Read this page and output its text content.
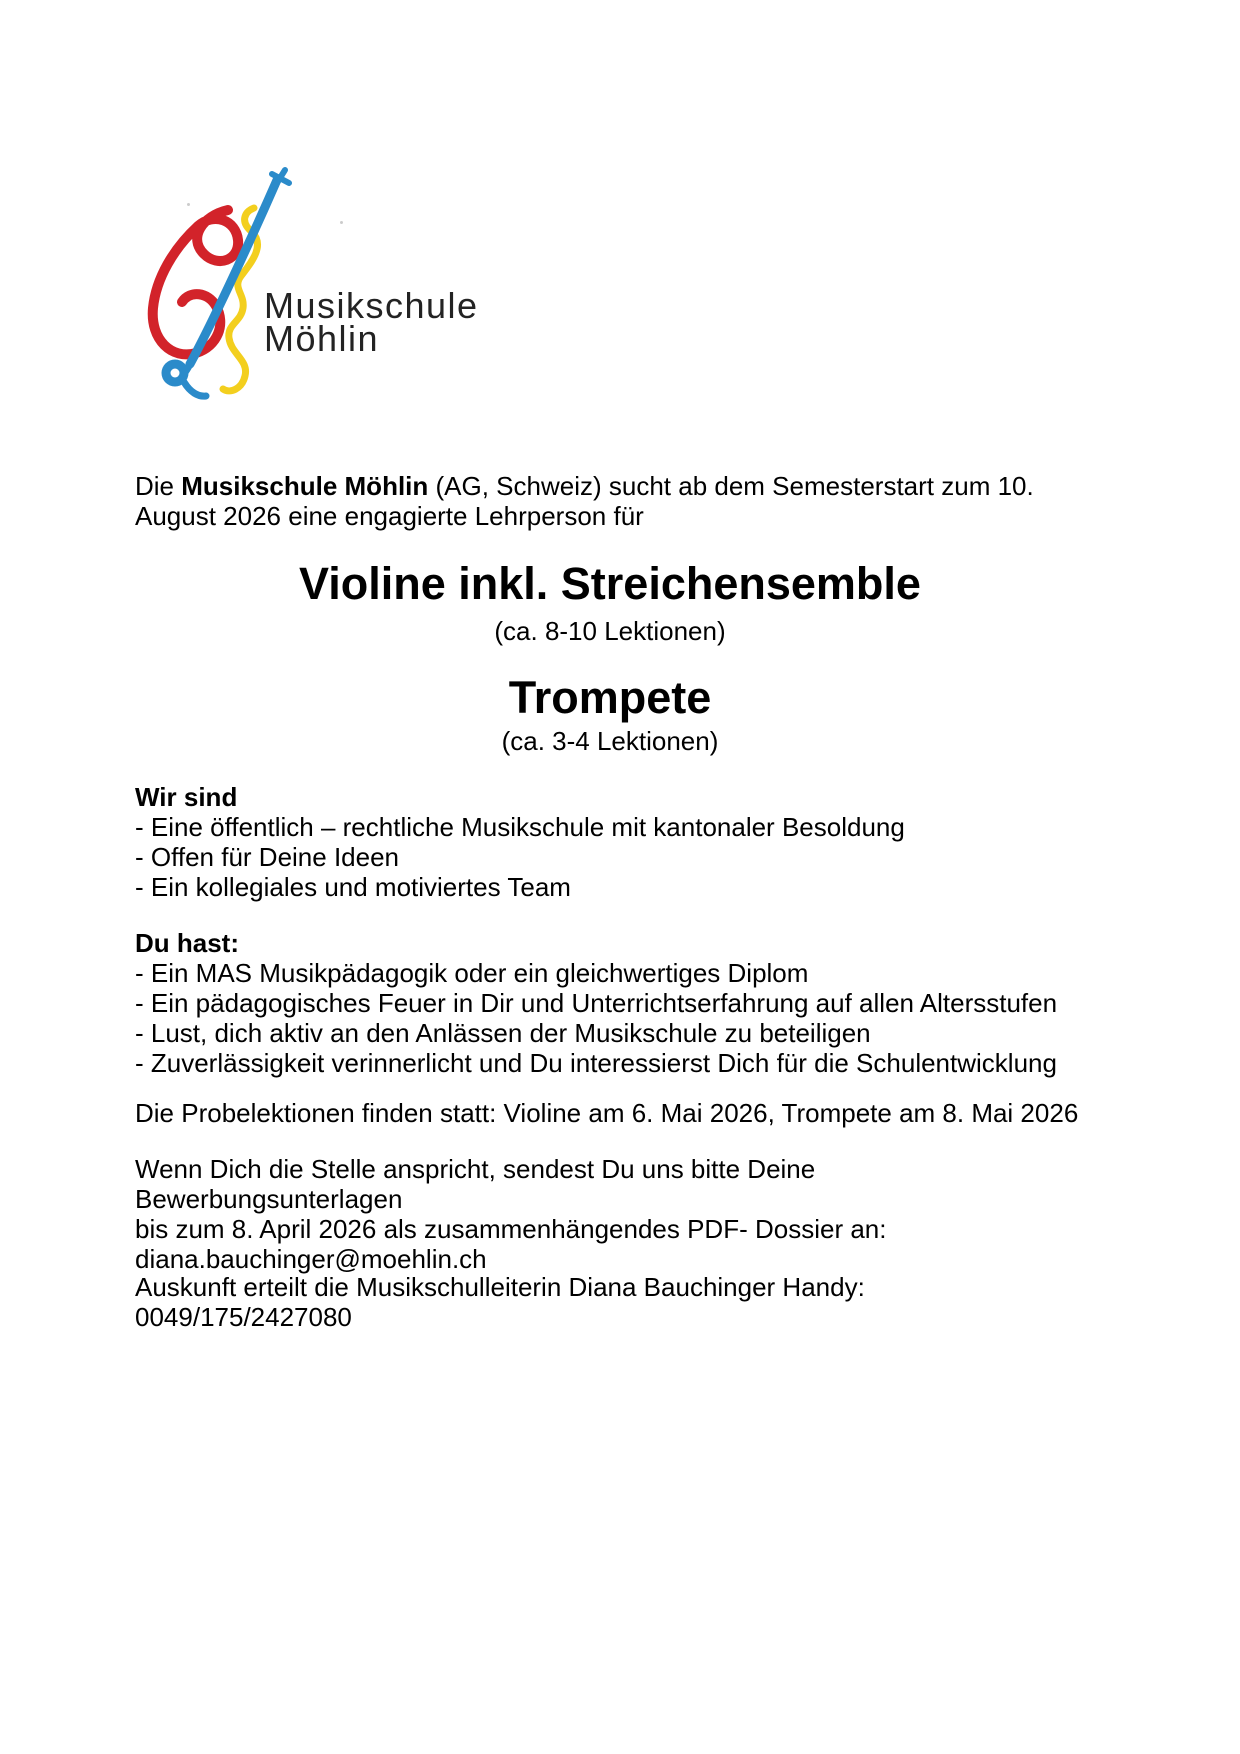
Musikschule
Möhlin
Die Musikschule Möhlin (AG, Schweiz) sucht ab dem Semesterstart zum 10. August 2026 eine engagierte Lehrperson für
Violine inkl. Streichensemble
(ca. 8-10 Lektionen)
Trompete
(ca. 3-4 Lektionen)
Wir sind
- Eine öffentlich – rechtliche Musikschule mit kantonaler Besoldung
- Offen für Deine Ideen
- Ein kollegiales und motiviertes Team
Du hast:
- Ein MAS Musikpädagogik oder ein gleichwertiges Diplom
- Ein pädagogisches Feuer in Dir und Unterrichtserfahrung auf allen Altersstufen
- Lust, dich aktiv an den Anlässen der Musikschule zu beteiligen
- Zuverlässigkeit verinnerlicht und Du interessierst Dich für die Schulentwicklung
Die Probelektionen finden statt: Violine am 6. Mai 2026, Trompete am 8. Mai 2026
Wenn Dich die Stelle anspricht, sendest Du uns bitte Deine Bewerbungsunterlagen
bis zum 8. April 2026 als zusammenhängendes PDF- Dossier an:
diana.bauchinger@moehlin.ch
Auskunft erteilt die Musikschulleiterin Diana Bauchinger Handy: 0049/175/2427080
